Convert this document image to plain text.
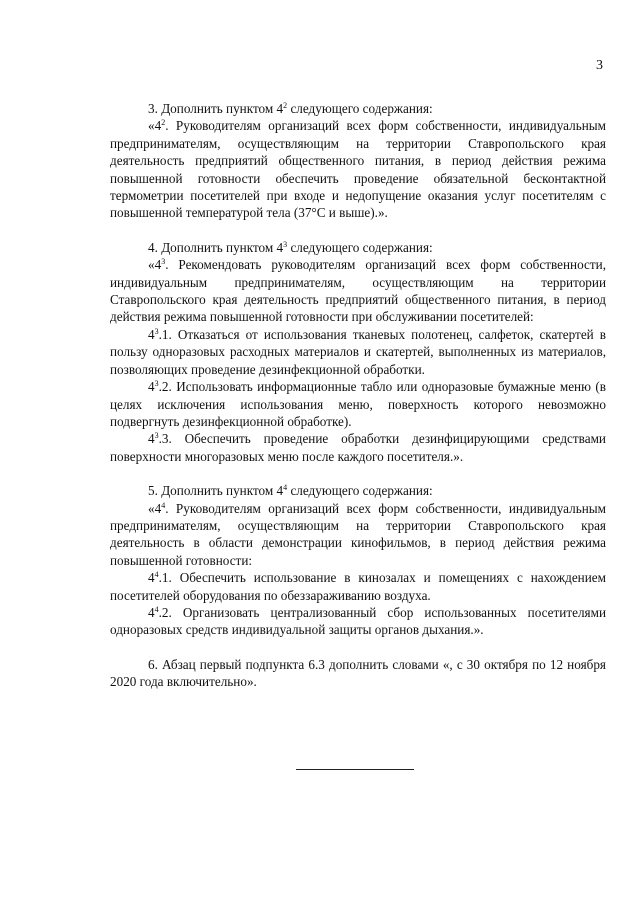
3

3. Дополнить пунктом $4^2$ следующего содержания:

«$4^2$. Руководителям организаций всех форм собственности, индивидуальным предпринимателям, осуществляющим на территории Ставропольского края деятельность предприятий общественного питания, в период действия режима повышенной готовности обеспечить проведение обязательной бесконтактной термометрии посетителей при входе и недопущение оказания услуг посетителям с повышенной температурой тела (37°С и выше).».

4. Дополнить пунктом $4^3$ следующего содержания:

«$4^3$. Рекомендовать руководителям организаций всех форм собственности, индивидуальным предпринимателям, осуществляющим на территории Ставропольского края деятельность предприятий общественного питания, в период действия режима повышенной готовности при обслуживании посетителей:

$4^3.1$. Отказаться от использования тканевых полотенец, салфеток, скатертей в пользу одноразовых расходных материалов и скатертей, выполненных из материалов, позволяющих проведение дезинфекционной обработки.

$4^3.2$. Использовать информационные табло или одноразовые бумажные меню (в целях исключения использования меню, поверхность которого невозможно подвергнуть дезинфекционной обработке).

$4^3.3$. Обеспечить проведение обработки дезинфицирующими средствами поверхности многоразовых меню после каждого посетителя.».

5. Дополнить пунктом $4^4$ следующего содержания:

«$4^4$. Руководителям организаций всех форм собственности, индивидуальным предпринимателям, осуществляющим на территории Ставропольского края деятельность в области демонстрации кинофильмов, в период действия режима повышенной готовности:

$4^4.1$. Обеспечить использование в кинозалах и помещениях с нахождением посетителей оборудования по обеззараживанию воздуха.

$4^4.2$. Организовать централизованный сбор использованных посетителями одноразовых средств индивидуальной защиты органов дыхания.».

6. Абзац первый подпункта 6.3 дополнить словами «, с 30 октября по 12 ноября 2020 года включительно».
